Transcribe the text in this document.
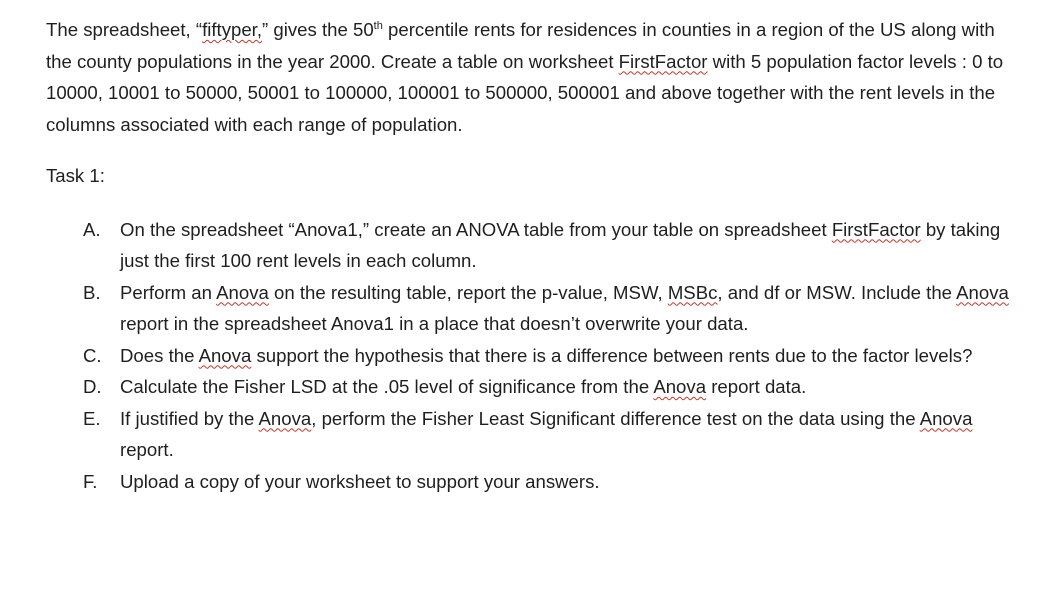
The spreadsheet, “fiftyper,” gives the 50th percentile rents for residences in counties in a region of the US along with the county populations in the year 2000. Create a table on worksheet FirstFactor with 5 population factor levels : 0 to 10000, 10001 to 50000, 50001 to 100000, 100001 to 500000, 500001 and above together with the rent levels in the columns associated with each range of population.

Task 1:
A.	On the spreadsheet “Anova1,” create an ANOVA table from your table on spreadsheet FirstFactor by taking just the first 100 rent levels in each column.
B.	Perform an Anova on the resulting table, report the p-value, MSW, MSBc, and df or MSW. Include the Anova report in the spreadsheet Anova1 in a place that doesn’t overwrite your data.
C. Does the Anova support the hypothesis that there is a difference between rents due to the factor levels?
D. Calculate the Fisher LSD at the .05 level of significance from the Anova report data.
E.	If justified by the Anova, perform the Fisher Least Significant difference test on the data using the Anova report.
F.	Upload a copy of your worksheet to support your answers.
